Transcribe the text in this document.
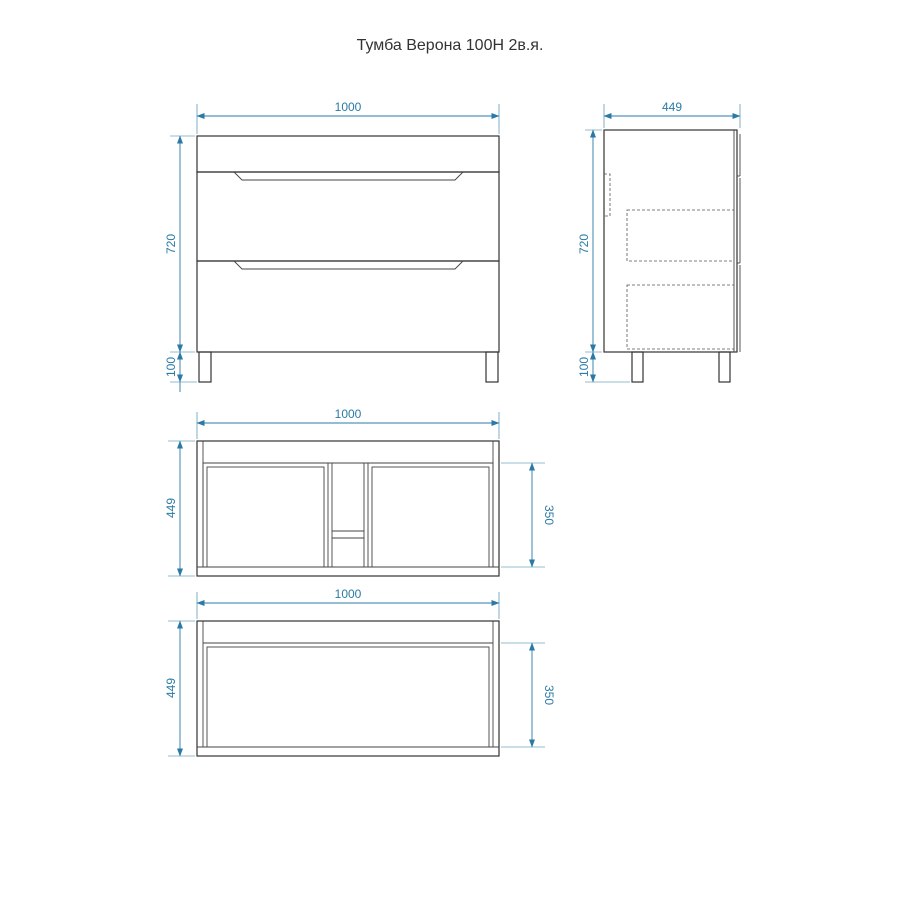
Тумба Верона 100Н 2в.я.
1000
720
100
449
720
100
1000
449	350
1000
449	350
